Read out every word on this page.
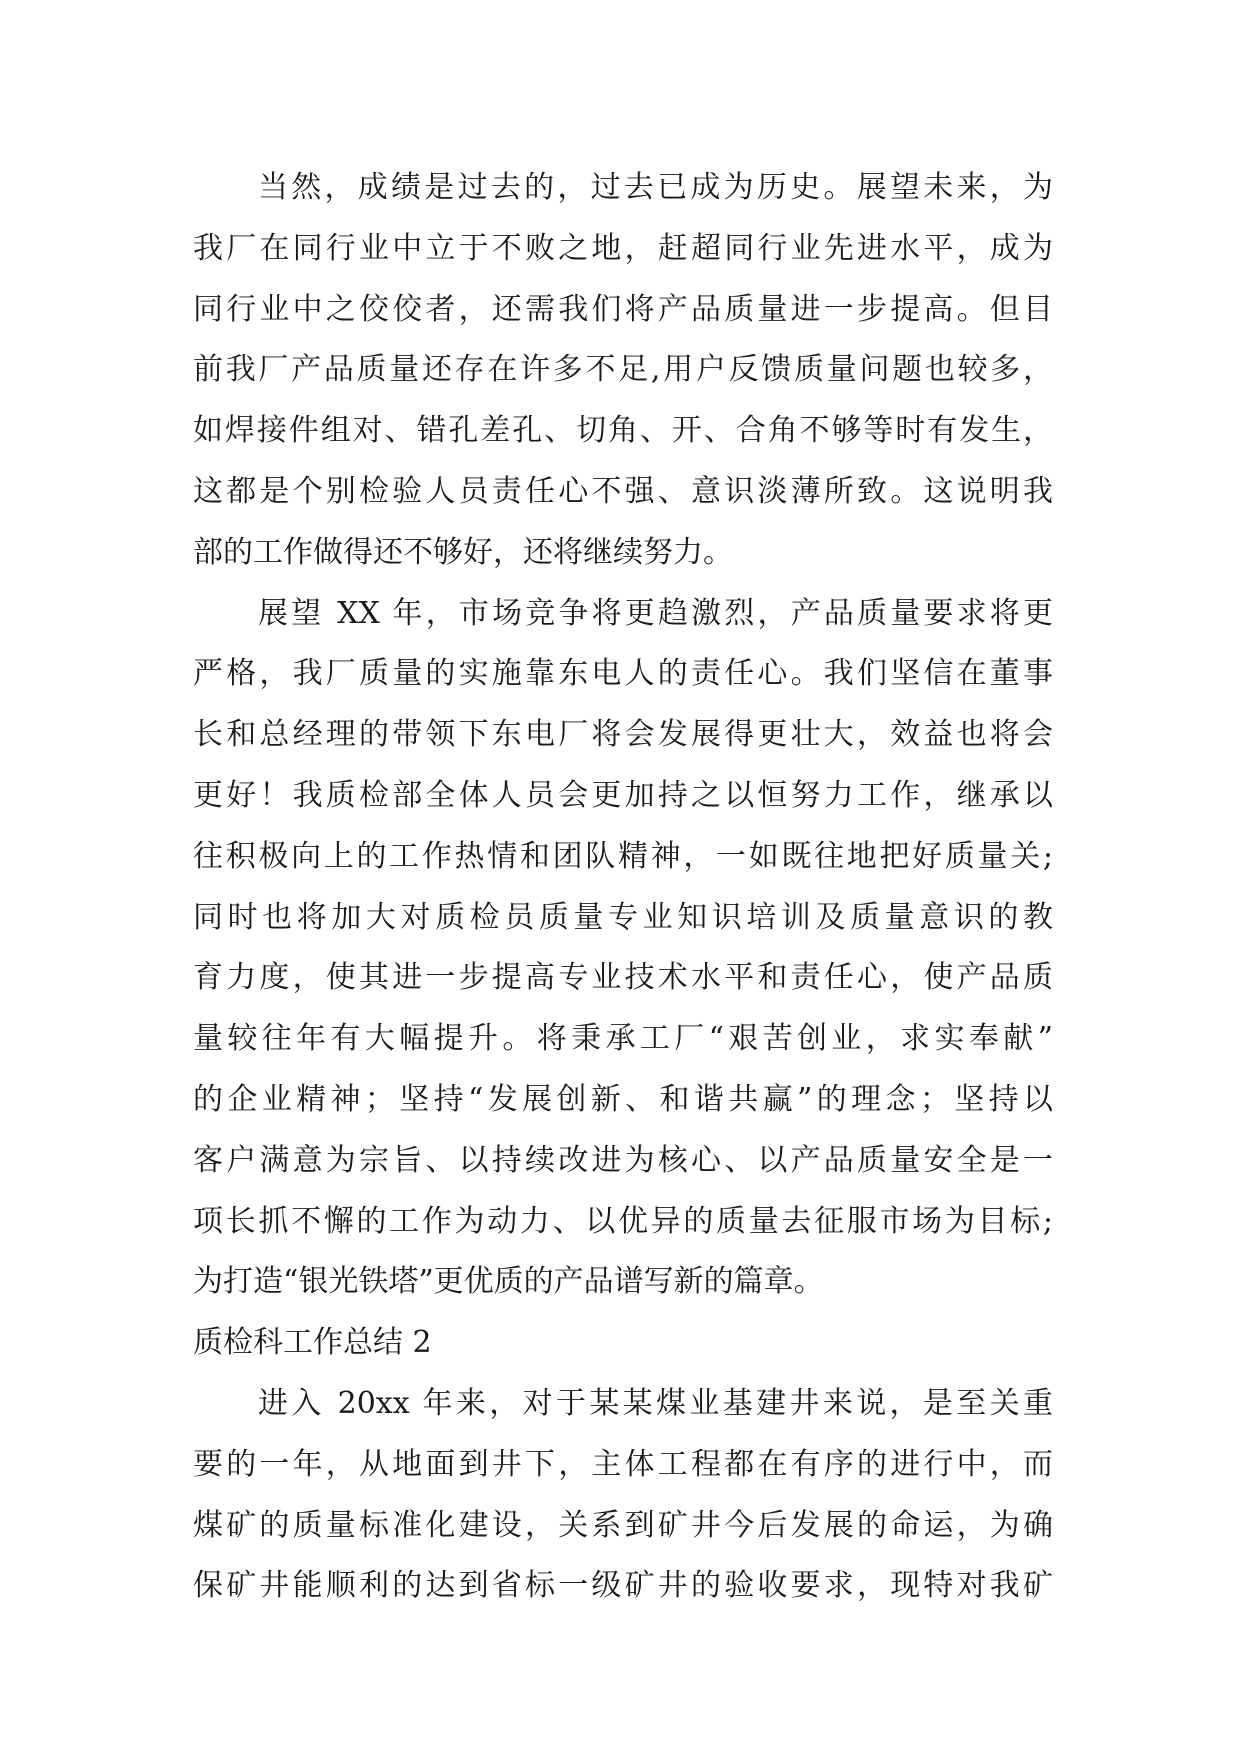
当然，成绩是过去的，过去已成为历史。展望未来，为
我厂在同行业中立于不败之地，赶超同行业先进水平，成为
同行业中之佼佼者，还需我们将产品质量进一步提高。但目
前我厂产品质量还存在许多不足,用户反馈质量问题也较多，
如焊接件组对、错孔差孔、切角、开、合角不够等时有发生，
这都是个别检验人员责任心不强、意识淡薄所致。这说明我
部的工作做得还不够好，还将继续努力。
展望 XX 年，市场竞争将更趋激烈，产品质量要求将更
严格，我厂质量的实施靠东电人的责任心。我们坚信在董事
长和总经理的带领下东电厂将会发展得更壮大，效益也将会
更好！我质检部全体人员会更加持之以恒努力工作，继承以
往积极向上的工作热情和团队精神，一如既往地把好质量关;
同时也将加大对质检员质量专业知识培训及质量意识的教
育力度，使其进一步提高专业技术水平和责任心，使产品质
量较往年有大幅提升。将秉承工厂“艰苦创业，求实奉献”
的企业精神；坚持“发展创新、和谐共赢”的理念；坚持以
客户满意为宗旨、以持续改进为核心、以产品质量安全是一
项长抓不懈的工作为动力、以优异的质量去征服市场为目标;
为打造“银光铁塔”更优质的产品谱写新的篇章。
质检科工作总结 2
进入 20xx 年来，对于某某煤业基建井来说，是至关重
要的一年，从地面到井下，主体工程都在有序的进行中，而
煤矿的质量标准化建设，关系到矿井今后发展的命运，为确
保矿井能顺利的达到省标一级矿井的验收要求，现特对我矿
